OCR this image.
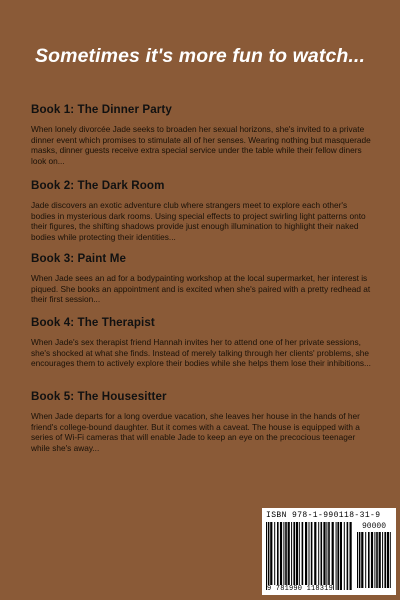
Sometimes it's more fun to watch...
Book 1: The Dinner Party
When lonely divorcée Jade seeks to broaden her sexual horizons, she's invited to a private dinner event which promises to stimulate all of her senses. Wearing nothing but masquerade masks, dinner guests receive extra special service under the table while their fellow diners look on...
Book 2: The Dark Room
Jade discovers an exotic adventure club where strangers meet to explore each other's bodies in mysterious dark rooms. Using special effects to project swirling light patterns onto their figures, the shifting shadows provide just enough illumination to highlight their naked bodies while protecting their identities...
Book 3: Paint Me
When Jade sees an ad for a bodypainting workshop at the local supermarket, her interest is piqued. She books an appointment and is excited when she's paired with a pretty redhead at their first session...
Book 4: The Therapist
When Jade's sex therapist friend Hannah invites her to attend one of her private sessions, she's shocked at what she finds. Instead of merely talking through her clients' problems, she encourages them to actively explore their bodies while she helps them lose their inhibitions...
Book 5: The Housesitter
When Jade departs for a long overdue vacation, she leaves her house in the hands of her friend's college-bound daughter. But it comes with a caveat. The house is equipped with a series of Wi-Fi cameras that will enable Jade to keep an eye on the precocious teenager while she's away...
ISBN 978-1-990118-31-9
90000
9 781990 118319
